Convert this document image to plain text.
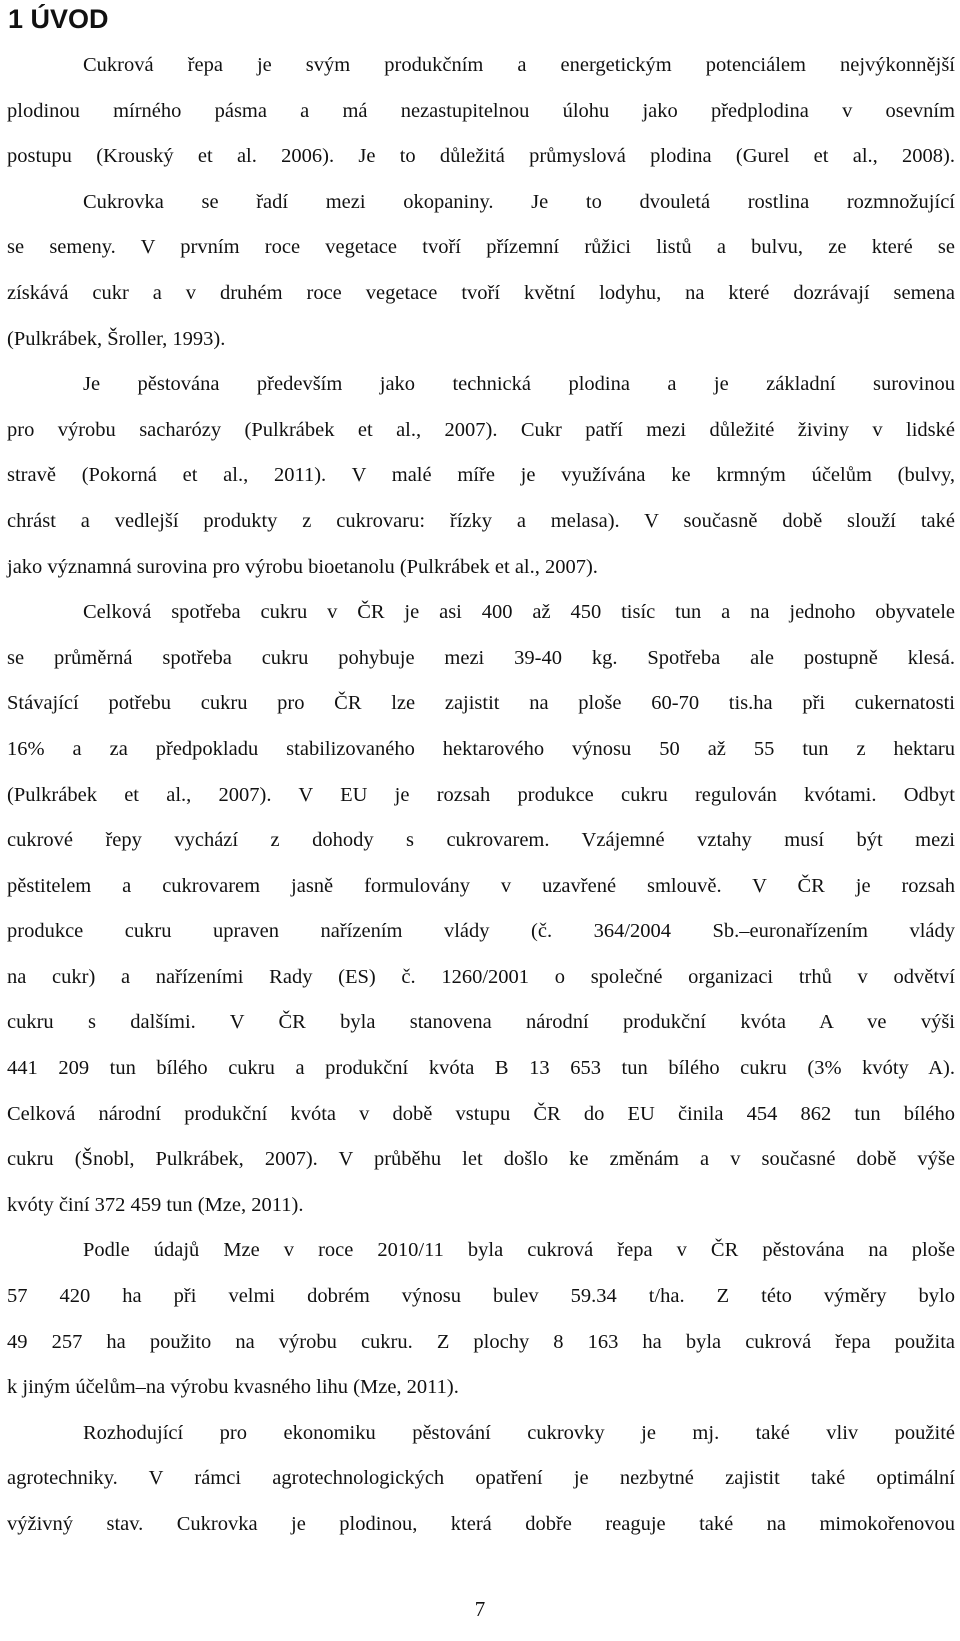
1 ÚVOD
Cukrová řepa je svým produkčním a energetickým potenciálem nejvýkonnější
plodinou mírného pásma a má nezastupitelnou úlohu jako předplodina v osevním
postupu (Krouský et al. 2006). Je to důležitá průmyslová plodina (Gurel et al., 2008).
Cukrovka se řadí mezi okopaniny. Je to dvouletá rostlina rozmnožující
se semeny. V prvním roce vegetace tvoří přízemní růžici listů a bulvu, ze které se
získává cukr a v druhém roce vegetace tvoří květní lodyhu, na které dozrávají semena
(Pulkrábek, Šroller, 1993).
Je pěstována především jako technická plodina a je základní surovinou
pro výrobu sacharózy (Pulkrábek et al., 2007). Cukr patří mezi důležité živiny v lidské
stravě (Pokorná et al., 2011). V malé míře je využívána ke krmným účelům (bulvy,
chrást a vedlejší produkty z cukrovaru: řízky a melasa). V současně době slouží také
jako významná surovina pro výrobu bioetanolu (Pulkrábek et al., 2007).
Celková spotřeba cukru v ČR je asi 400 až 450 tisíc tun a na jednoho obyvatele
se průměrná spotřeba cukru pohybuje mezi 39-40 kg. Spotřeba ale postupně klesá.
Stávající potřebu cukru pro ČR lze zajistit na ploše 60-70 tis.ha při cukernatosti
16% a za předpokladu stabilizovaného hektarového výnosu 50 až 55 tun z hektaru
(Pulkrábek et al., 2007). V EU je rozsah produkce cukru regulován kvótami. Odbyt
cukrové řepy vychází z dohody s cukrovarem. Vzájemné vztahy musí být mezi
pěstitelem a cukrovarem jasně formulovány v uzavřené smlouvě. V ČR je rozsah
produkce cukru upraven nařízením vlády (č. 364/2004 Sb.–euronařízením vlády
na cukr) a nařízeními Rady (ES) č. 1260/2001 o společné organizaci trhů v odvětví
cukru s dalšími. V ČR byla stanovena národní produkční kvóta A ve výši
441 209 tun bílého cukru a produkční kvóta B 13 653 tun bílého cukru (3% kvóty A).
Celková národní produkční kvóta v době vstupu ČR do EU činila 454 862 tun bílého
cukru (Šnobl, Pulkrábek, 2007). V průběhu let došlo ke změnám a v současné době výše
kvóty činí 372 459 tun (Mze, 2011).
Podle údajů Mze v roce 2010/11 byla cukrová řepa v ČR pěstována na ploše
57 420 ha při velmi dobrém výnosu bulev 59.34 t/ha. Z této výměry bylo
49 257 ha použito na výrobu cukru. Z plochy 8 163 ha byla cukrová řepa použita
k jiným účelům–na výrobu kvasného lihu (Mze, 2011).
Rozhodující pro ekonomiku pěstování cukrovky je mj. také vliv použité
agrotechniky. V rámci agrotechnologických opatření je nezbytné zajistit také optimální
výživný stav. Cukrovka je plodinou, která dobře reaguje také na mimokořenovou
7
